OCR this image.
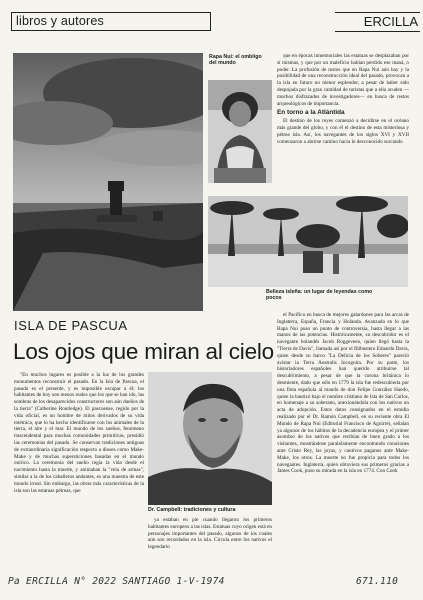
libros y autores	ERCILLA
Rapa Nui: el ombligo del mundo

que en épocas inmemoriales las estatuas se desplazaban por sí mismas, y que por un maleficio habían perdido ese maná, o poder. La profusión de restos que en Rapa Nui aún hay y la posibilidad de una reconstrucción ideal del pasado, provocan a la isla en futuro no menor esplendor, a pesar de haber sido despojada por la gran cantidad de turistas que a ella acuden —muchos disfrazados de investigadores— en busca de restos arqueológicos de importancia.

En torno a la Atlántida

El destino de los reyes comenzó a decidirse en el océano más grande del globo, y con él el destino de esta misteriosa y pétrea isla. Así, los navegantes de los siglos XVI y XVII comenzaron a abrirse camino hacia lo desconocido surcando

Belleza isleña: un lugar de leyendas como pocos
ISLA DE PASCUA
Los ojos que miran al cielo

el Pacífico en busca de mejores galardones para las arcas de Inglaterra, España, Francia y Holanda. Avanzada en lo que Rapa Nui puso un punto de controversia, hasta llegar a las manos de las potencias. Históricamente, su descubridor es el navegante holandés Jacob Roggeveen, quien llegó hasta la "Tierra de Davis", llamada así por el filibustero Eduardo Davis, quien desde su barco "La Delicia de los Soberes" pareció avistar la Terra Australis Incognita. Por su parte, los historiadores españoles han querido atribuirse tal descubrimiento, a pesar de que la corona británica lo desmiente, dado que sólo en 1779 la isla fue redescubierta por una flota española al mando de don Felipe González Haedo, quien la bautizó bajo el nombre cristiano de Isla de San Carlos, en homenaje a su soberano, anexionándola con los nativos un acta de adopción. Estos datos consignados en el estudio realizado por el Dr. Ramón Campbell, en su reciente obra El Mundo de Rapa Nui (Editorial Francisco de Aguirre), señalan ya algunos de los hábitos de la decadencia europea y el primer asombro de los nativos que recibían de buen grado a los visitantes, mostrándose paralelamente encontrando creaciones ante Cristo Rey, las joyas, y cautivos paganos ante Make-Make, los otros. La muerte no fue propicia para todos los navegantes. Inglaterra, quien obtuviera sus primeros gracias a James Cook, puso su mirada en la isla en 1774. Con Cook

"En muchos lugares es posible a la luz de los grandes monumentos reconstruir el pasado. En la Isla de Pascua, el pasado es el presente, y es imposible escapar a él; los habitantes de hoy son menos reales que los que se han ido, las sombras de los desaparecidos constructores son aún dueños de la tierra" (Catherine Routledge). El pascuense, regido por la vida oficial, es un hombre de mitos derivados de su vida totémica, que lo ha hecho identificarse con los animales de la tierra, el aire y el mar. El mundo de los sueños, fenómeno trascendental para muchas comunidades primitivas, presidió las ceremonias del pasado. Se conservan tradiciones antiguas de extraordinaria significación respecto a dioses como Make-Make y de muchas supersticiones basadas en el mundo onírico. La ceremonia del sueño regía la vida desde el nacimiento hasta la muerte, y animaban la "vela de armas", similar a la de los caballeros andantes, es una muestra de este mundo irreal. Sin embargo, las obras más características de la isla son las estatuas pétreas, que

Dr. Campbell: tradiciones y cultura

ya estaban en pie cuando llegaron los primeros habitantes europeos a las islas. Estatuas cuyo origen está en personajes importantes del pasado, algunos de los cuales aún son recordados en la isla. Circula entre los nativos el legendario

Pa ERCILLA N° 2022 SANTIAGO 1-V-1974	671.110
